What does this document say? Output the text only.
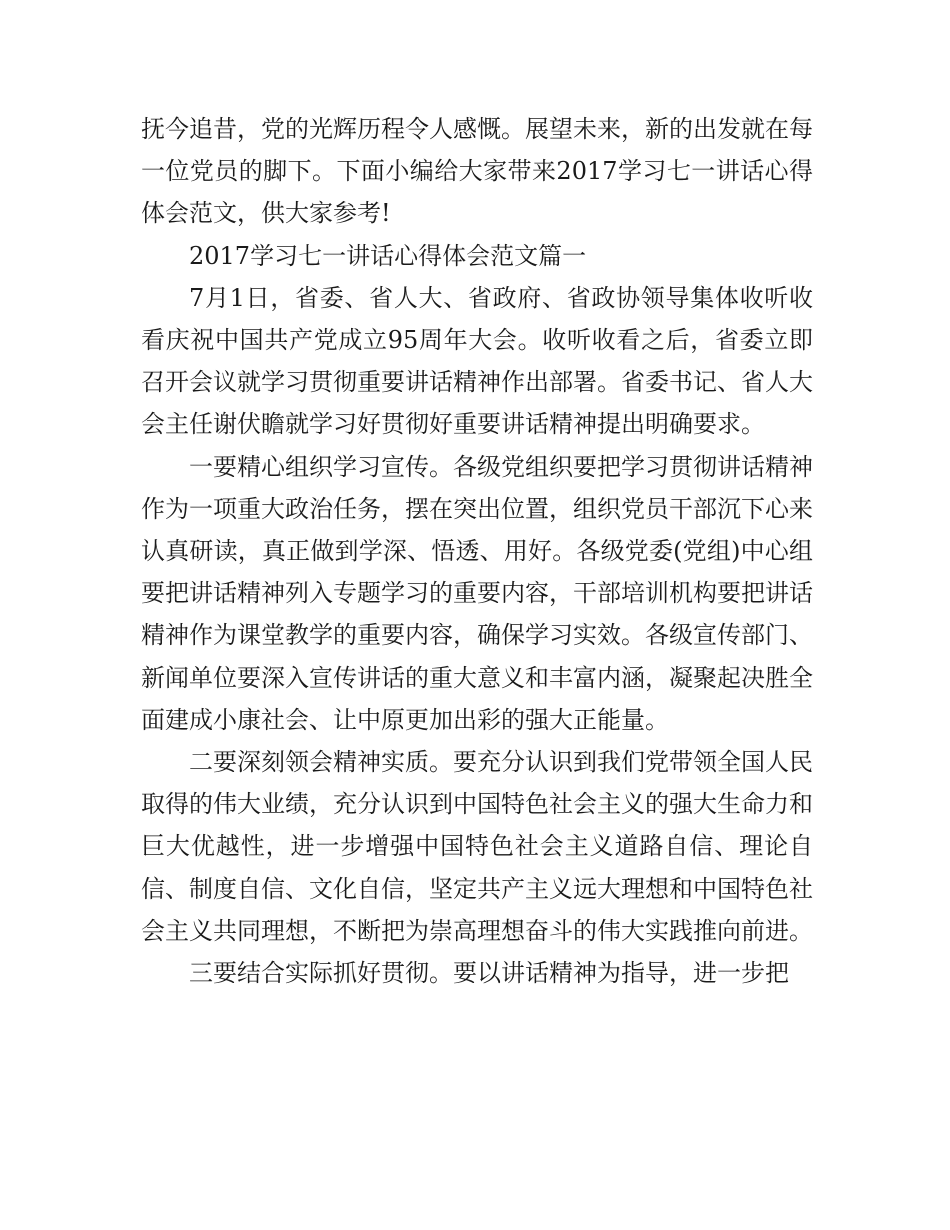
抚今追昔，党的光辉历程令人感慨。展望未来，新的出发就在每一位党员的脚下。下面小编给大家带来2017学习七一讲话心得体会范文，供大家参考!

2017学习七一讲话心得体会范文篇一

7月1日，省委、省人大、省政府、省政协领导集体收听收看庆祝中国共产党成立95周年大会。收听收看之后，省委立即召开会议就学习贯彻重要讲话精神作出部署。省委书记、省人大会主任谢伏瞻就学习好贯彻好重要讲话精神提出明确要求。

一要精心组织学习宣传。各级党组织要把学习贯彻讲话精神作为一项重大政治任务，摆在突出位置，组织党员干部沉下心来认真研读，真正做到学深、悟透、用好。各级党委(党组)中心组要把讲话精神列入专题学习的重要内容，干部培训机构要把讲话精神作为课堂教学的重要内容，确保学习实效。各级宣传部门、新闻单位要深入宣传讲话的重大意义和丰富内涵，凝聚起决胜全面建成小康社会、让中原更加出彩的强大正能量。

二要深刻领会精神实质。要充分认识到我们党带领全国人民取得的伟大业绩，充分认识到中国特色社会主义的强大生命力和巨大优越性，进一步增强中国特色社会主义道路自信、理论自信、制度自信、文化自信，坚定共产主义远大理想和中国特色社会主义共同理想，不断把为崇高理想奋斗的伟大实践推向前进。

三要结合实际抓好贯彻。要以讲话精神为指导，进一步把
